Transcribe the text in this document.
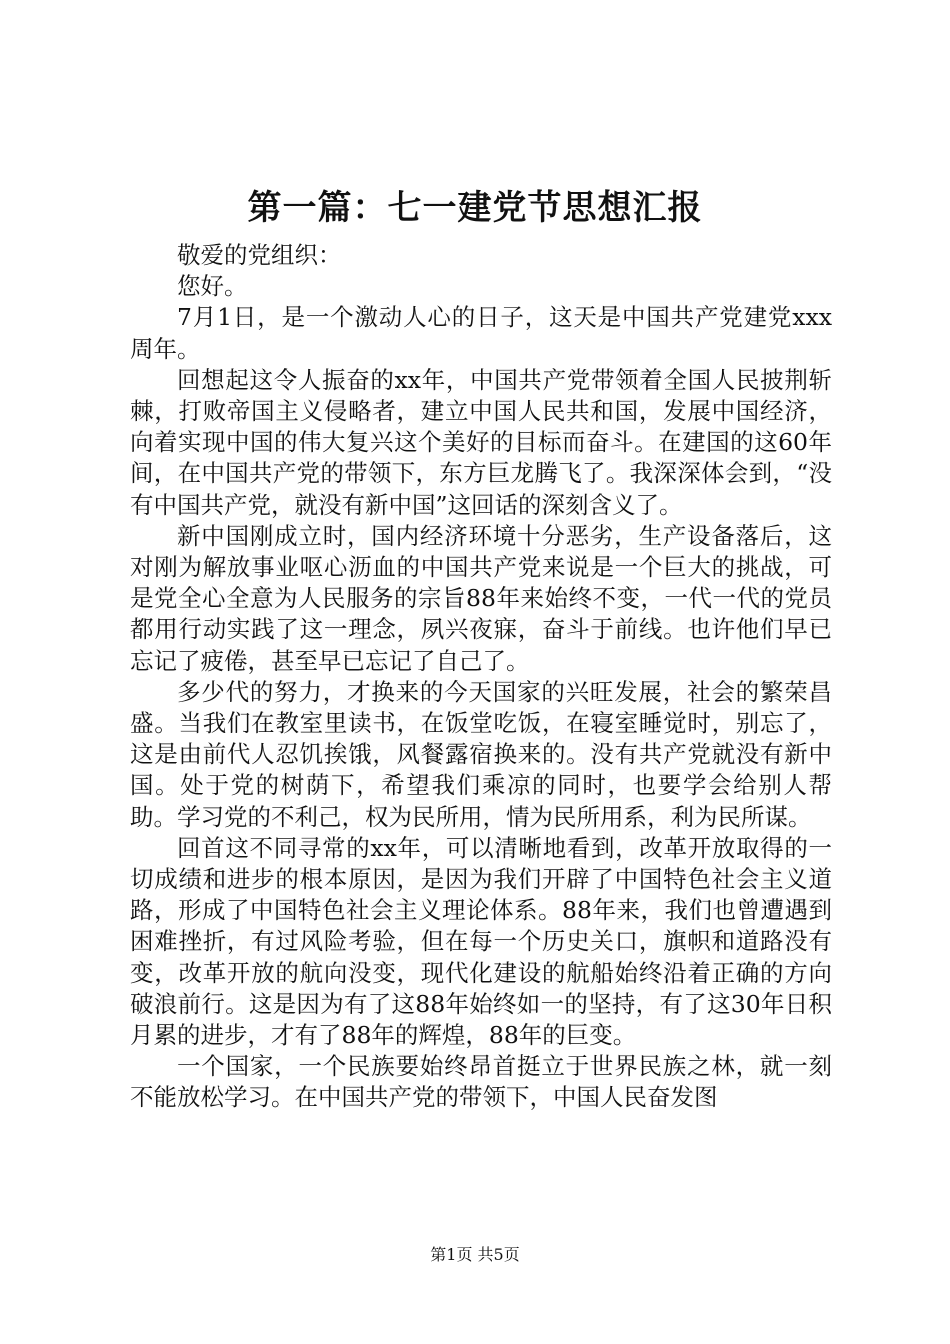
第一篇：七一建党节思想汇报

敬爱的党组织：

您好。

7月1日，是一个激动人心的日子，这天是中国共产党建党xxx周年。

回想起这令人振奋的xx年，中国共产党带领着全国人民披荆斩棘，打败帝国主义侵略者，建立中国人民共和国，发展中国经济，向着实现中国的伟大复兴这个美好的目标而奋斗。在建国的这60年间，在中国共产党的带领下，东方巨龙腾飞了。我深深体会到，“没有中国共产党，就没有新中国”这回话的深刻含义了。

新中国刚成立时，国内经济环境十分恶劣，生产设备落后，这对刚为解放事业呕心沥血的中国共产党来说是一个巨大的挑战，可是党全心全意为人民服务的宗旨88年来始终不变，一代一代的党员都用行动实践了这一理念，夙兴夜寐，奋斗于前线。也许他们早已忘记了疲倦，甚至早已忘记了自己了。

多少代的努力，才换来的今天国家的兴旺发展，社会的繁荣昌盛。当我们在教室里读书，在饭堂吃饭，在寝室睡觉时，别忘了，这是由前代人忍饥挨饿，风餐露宿换来的。没有共产党就没有新中国。处于党的树荫下，希望我们乘凉的同时，也要学会给别人帮助。学习党的不利己，权为民所用，情为民所用系，利为民所谋。

回首这不同寻常的xx年，可以清晰地看到，改革开放取得的一切成绩和进步的根本原因，是因为我们开辟了中国特色社会主义道路，形成了中国特色社会主义理论体系。88年来，我们也曾遭遇到困难挫折，有过风险考验，但在每一个历史关口，旗帜和道路没有变，改革开放的航向没变，现代化建设的航船始终沿着正确的方向破浪前行。这是因为有了这88年始终如一的坚持，有了这30年日积月累的进步，才有了88年的辉煌，88年的巨变。

一个国家，一个民族要始终昂首挺立于世界民族之林，就一刻不能放松学习。在中国共产党的带领下，中国人民奋发图

第1页 共5页
